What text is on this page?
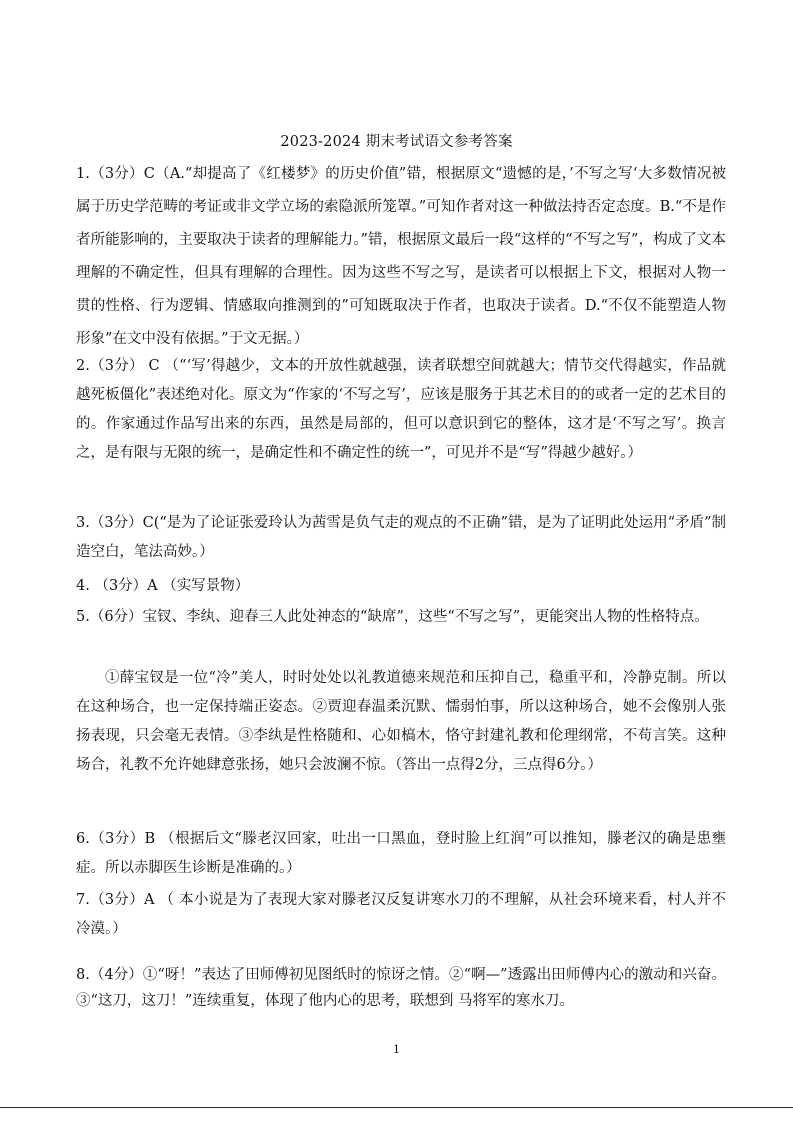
2023-2024 期末考试语文参考答案

1.（3分）C（A.“却提高了《红楼梦》的历史价值”错，根据原文“遗憾的是，’不写之写‘大多数情况被属于历史学范畴的考证或非文学立场的索隐派所笼罩。”可知作者对这一种做法持否定态度。B.“不是作者所能影响的，主要取决于读者的理解能力。”错，根据原文最后一段“这样的“不写之写”，构成了文本理解的不确定性，但具有理解的合理性。因为这些不写之写，是读者可以根据上下文，根据对人物一贯的性格、行为逻辑、情感取向推测到的”可知既取决于作者，也取决于读者。D.“不仅不能塑造人物形象”在文中没有依据。”于文无据。）

2.（3分） C （“‘写’得越少，文本的开放性就越强，读者联想空间就越大；情节交代得越实，作品就越死板僵化”表述绝对化。原文为“作家的‘不写之写’，应该是服务于其艺术目的的或者一定的艺术目的的。作家通过作品写出来的东西，虽然是局部的，但可以意识到它的整体，这才是‘不写之写’。换言之，是有限与无限的统一，是确定性和不确定性的统一”，可见并不是“写”得越少越好。）

3.（3分）C(“是为了论证张爱玲认为茜雪是负气走的观点的不正确”错，是为了证明此处运用“矛盾”制造空白，笔法高妙。）

4. （3分）A （实写景物）

5.（6分）宝钗、李纨、迎春三人此处神态的“缺席”，这些“不写之写”，更能突出人物的性格特点。

①薛宝钗是一位“冷”美人，时时处处以礼教道德来规范和压抑自己，稳重平和，冷静克制。所以在这种场合，也一定保持端正姿态。②贾迎春温柔沉默、懦弱怕事，所以这种场合，她不会像别人张扬表现，只会毫无表情。③李纨是性格随和、心如槁木，恪守封建礼教和伦理纲常，不苟言笑。这种场合，礼教不允许她肆意张扬，她只会波澜不惊。（答出一点得2分，三点得6分。）

6.（3分）B （根据后文“滕老汉回家，吐出一口黑血，登时脸上红润”可以推知，滕老汉的确是患壅症。所以赤脚医生诊断是准确的。）

7.（3分）A （ 本小说是为了表现大家对滕老汉反复讲寒水刀的不理解，从社会环境来看，村人并不冷漠。）

8.（4分）①“呀！”表达了田师傅初见图纸时的惊讶之情。②“啊—”透露出田师傅内心的激动和兴奋。③“这刀，这刀！”连续重复，体现了他内心的思考，联想到 马将军的寒水刀。

1
